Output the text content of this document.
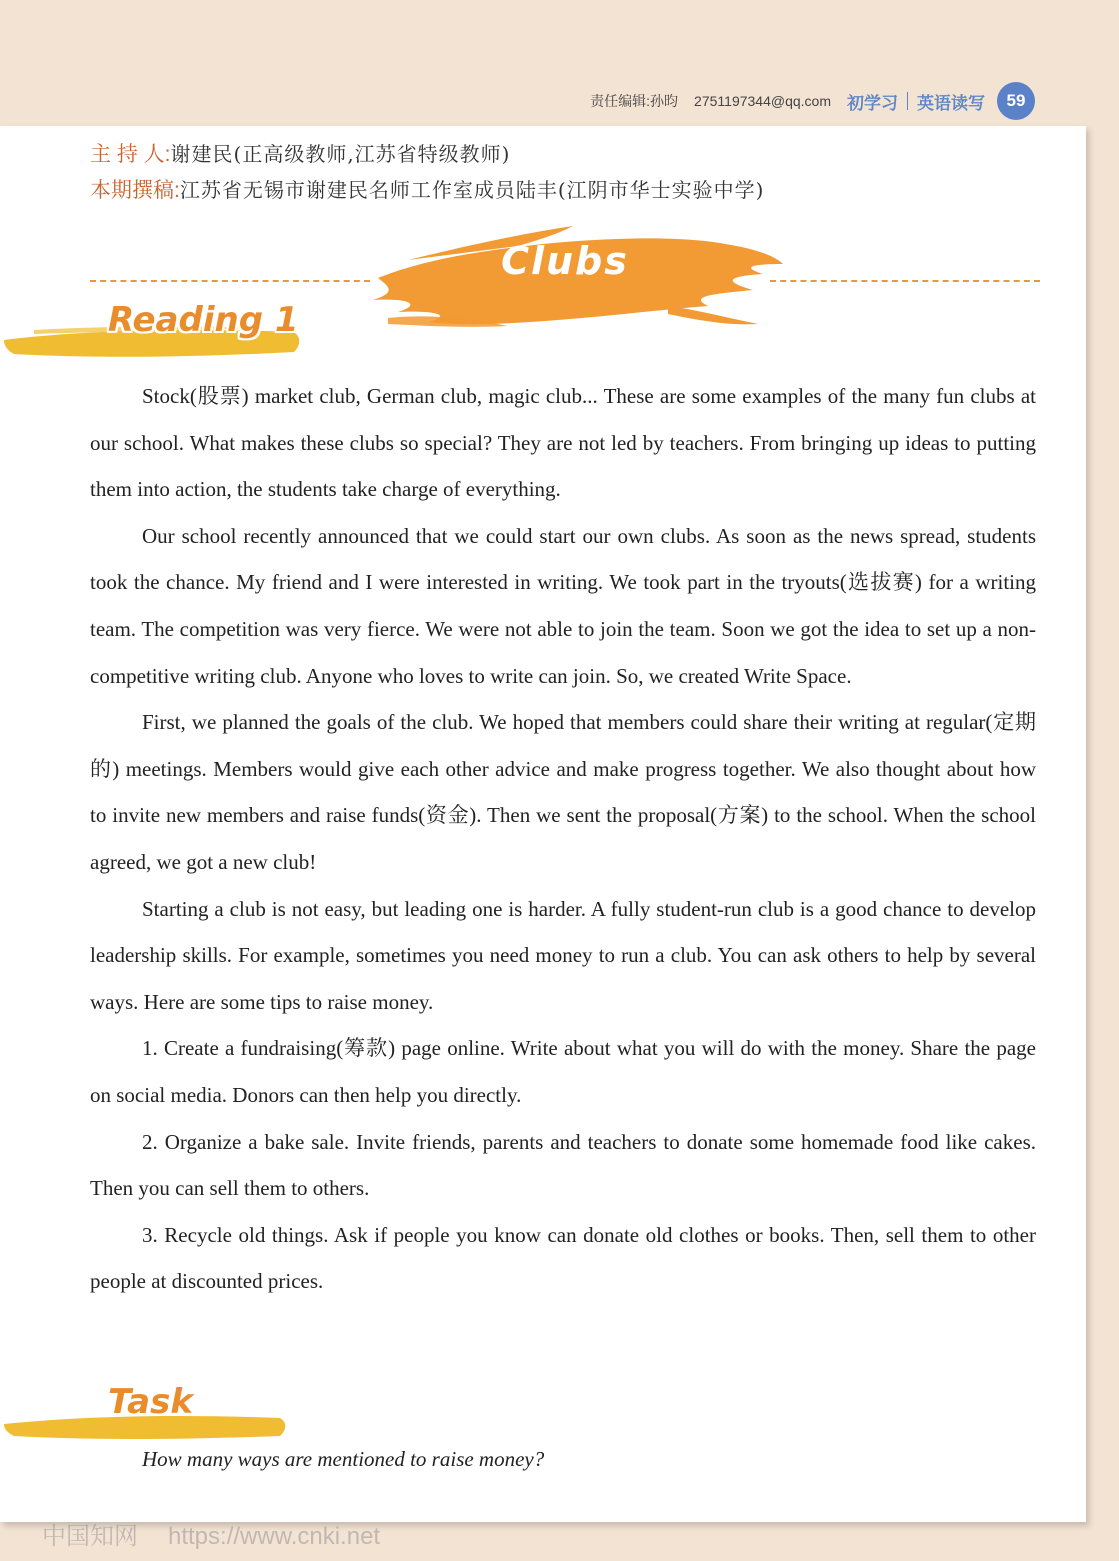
责任编辑:孙昀 2751197344@qq.com 初学习 英语读写	59
主 持 人:谢建民(正高级教师,江苏省特级教师)
本期撰稿:江苏省无锡市谢建民名师工作室成员陆丰(江阴市华士实验中学)
Clubs
Reading 1

Stock(股票) market club, German club, magic club... These are some examples of the many fun clubs at our school. What makes these clubs so special? They are not led by teachers. From bringing up ideas to putting them into action, the students take charge of everything.

Our school recently announced that we could start our own clubs. As soon as the news spread, students took the chance. My friend and I were interested in writing. We took part in the tryouts(选拔赛) for a writing team. The competition was very fierce. We were not able to join the team. Soon we got the idea to set up a non-competitive writing club. Anyone who loves to write can join. So, we created Write Space.

First, we planned the goals of the club. We hoped that members could share their writing at regular(定期的) meetings. Members would give each other advice and make progress together. We also thought about how to invite new members and raise funds(资金). Then we sent the proposal(方案) to the school. When the school agreed, we got a new club!

Starting a club is not easy, but leading one is harder. A fully student-run club is a good chance to develop leadership skills. For example, sometimes you need money to run a club. You can ask others to help by several ways. Here are some tips to raise money.

1. Create a fundraising(筹款) page online. Write about what you will do with the money. Share the page on social media. Donors can then help you directly.

2. Organize a bake sale. Invite friends, parents and teachers to donate some homemade food like cakes. Then you can sell them to others.

3. Recycle old things. Ask if people you know can donate old clothes or books. Then, sell them to other people at discounted prices.

Task
How many ways are mentioned to raise money?
中国知网 https://www.cnki.net
